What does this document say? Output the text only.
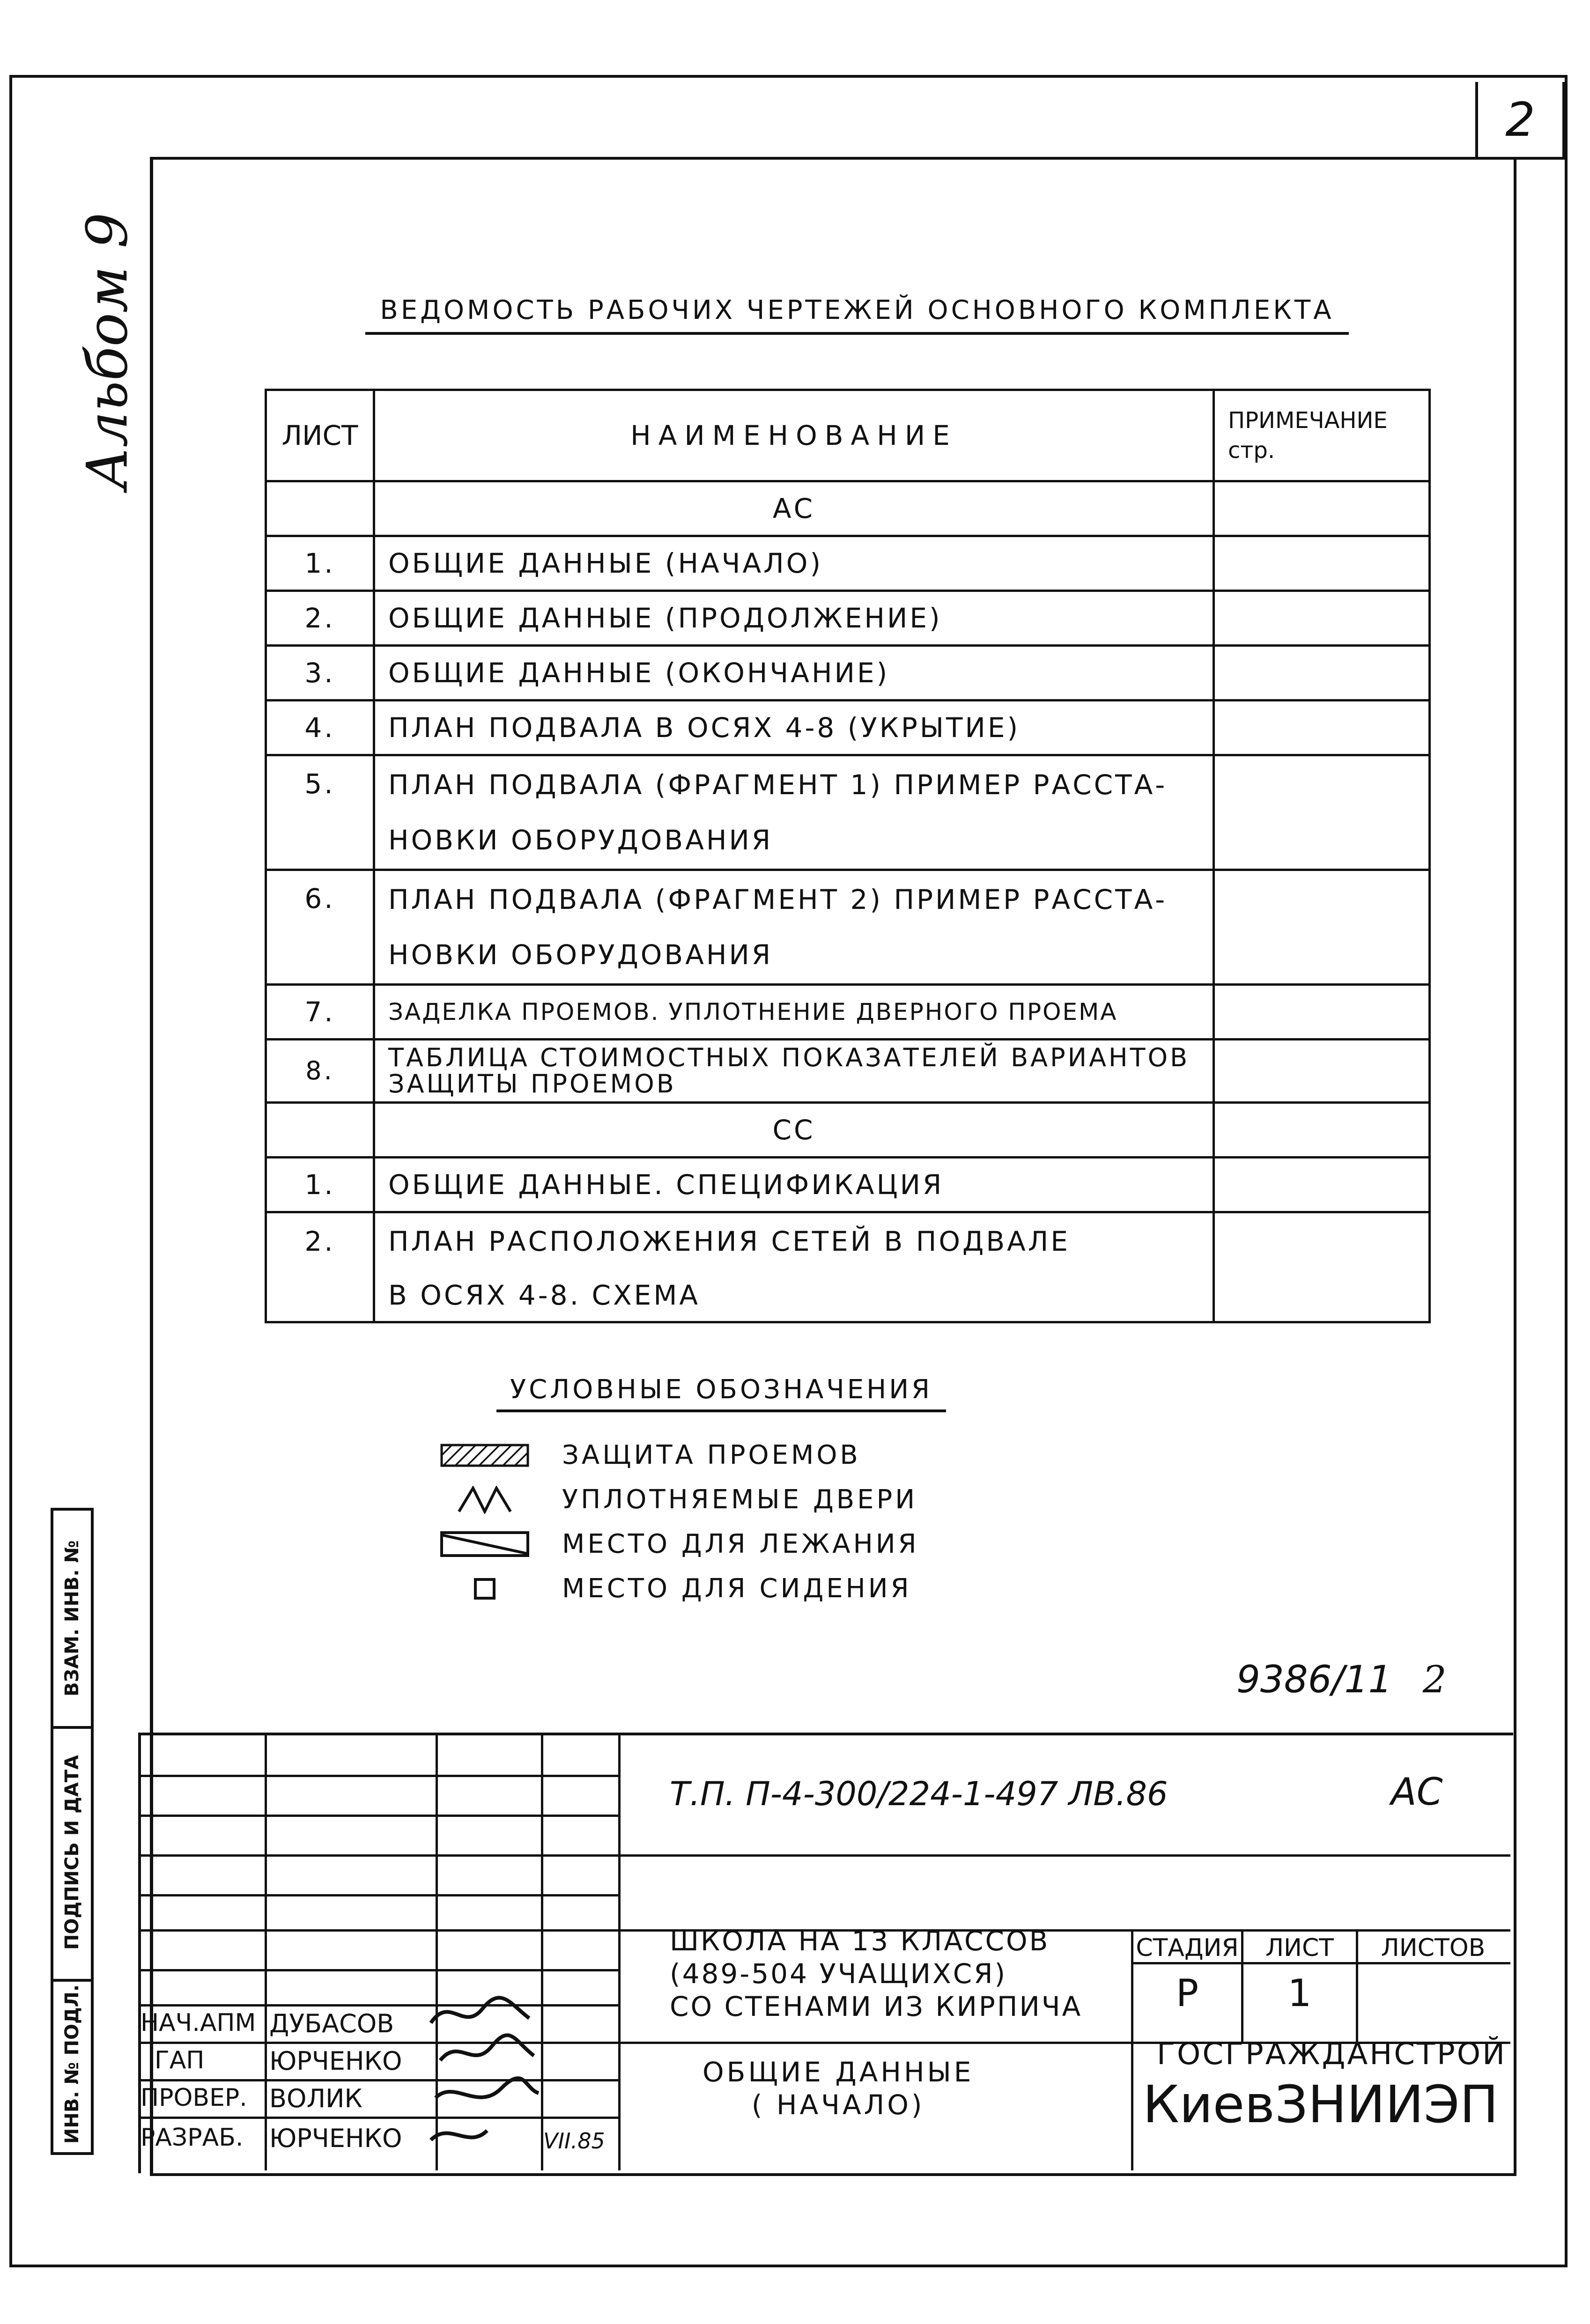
2
Альбом 9	ВЕДОМОСТЬ РАБОЧИХ ЧЕРТЕЖЕЙ ОСНОВНОГО КОМПЛЕКТА
ЛИСТ	НАИМЕНОВАНИЕ	ПРИМЕЧАНИЕ стр.
	АС	
1.	ОБЩИЕ ДАННЫЕ (НАЧАЛО)	
2.	ОБЩИЕ ДАННЫЕ (ПРОДОЛЖЕНИЕ)	
3.	ОБЩИЕ ДАННЫЕ (ОКОНЧАНИЕ)	
4.	ПЛАН ПОДВАЛА В ОСЯХ 4-8 (УКРЫТИЕ)	
5.	ПЛАН ПОДВАЛА (ФРАГМЕНТ 1) ПРИМЕР РАССТА-НОВКИ ОБОРУДОВАНИЯ	
6.	ПЛАН ПОДВАЛА (ФРАГМЕНТ 2) ПРИМЕР РАССТА-НОВКИ ОБОРУДОВАНИЯ	
7.	ЗАДЕЛКА ПРОЕМОВ. УПЛОТНЕНИЕ ДВЕРНОГО ПРОЕМА	
8.	ТАБЛИЦА СТОИМОСТНЫХ ПОКАЗАТЕЛЕЙ ВАРИАНТОВ ЗАЩИТЫ ПРОЕМОВ	
	СС	
1.	ОБЩИЕ ДАННЫЕ. СПЕЦИФИКАЦИЯ	
2.	ПЛАН РАСПОЛОЖЕНИЯ СЕТЕЙ В ПОДВАЛЕ	
	В ОСЯХ 4-8. СХЕМА	
УСЛОВНЫЕ ОБОЗНАЧЕНИЯ
ЗАЩИТА ПРОЕМОВ
УПЛОТНЯЕМЫЕ ДВЕРИ
МЕСТО ДЛЯ ЛЕЖАНИЯ
МЕСТО ДЛЯ СИДЕНИЯ
9386/11 2
ВЗАМ. ИНВ. №
ПОДПИСЬ И ДАТА
ИНВ. № ПОДЛ.
Т.П. П-4-300/224-1-497 ЛВ.86	АС
ШКОЛА НА 13 КЛАССОВ
(489-504 УЧАЩИХСЯ)
СО СТЕНАМИ ИЗ КИРПИЧА
ОБЩИЕ ДАННЫЕ
( НАЧАЛО)
СТАДИЯ	ЛИСТ	ЛИСТОВ
Р	1
ГОСГРАЖДАНСТРОЙ
КиевЗНИИЭП
НАЧ.АПМ ДУБАСОВ
ГАП	ЮРЧЕНКО
ПРОВЕР. ВОЛИК
РАЗРАБ. ЮРЧЕНКО	VII.85
